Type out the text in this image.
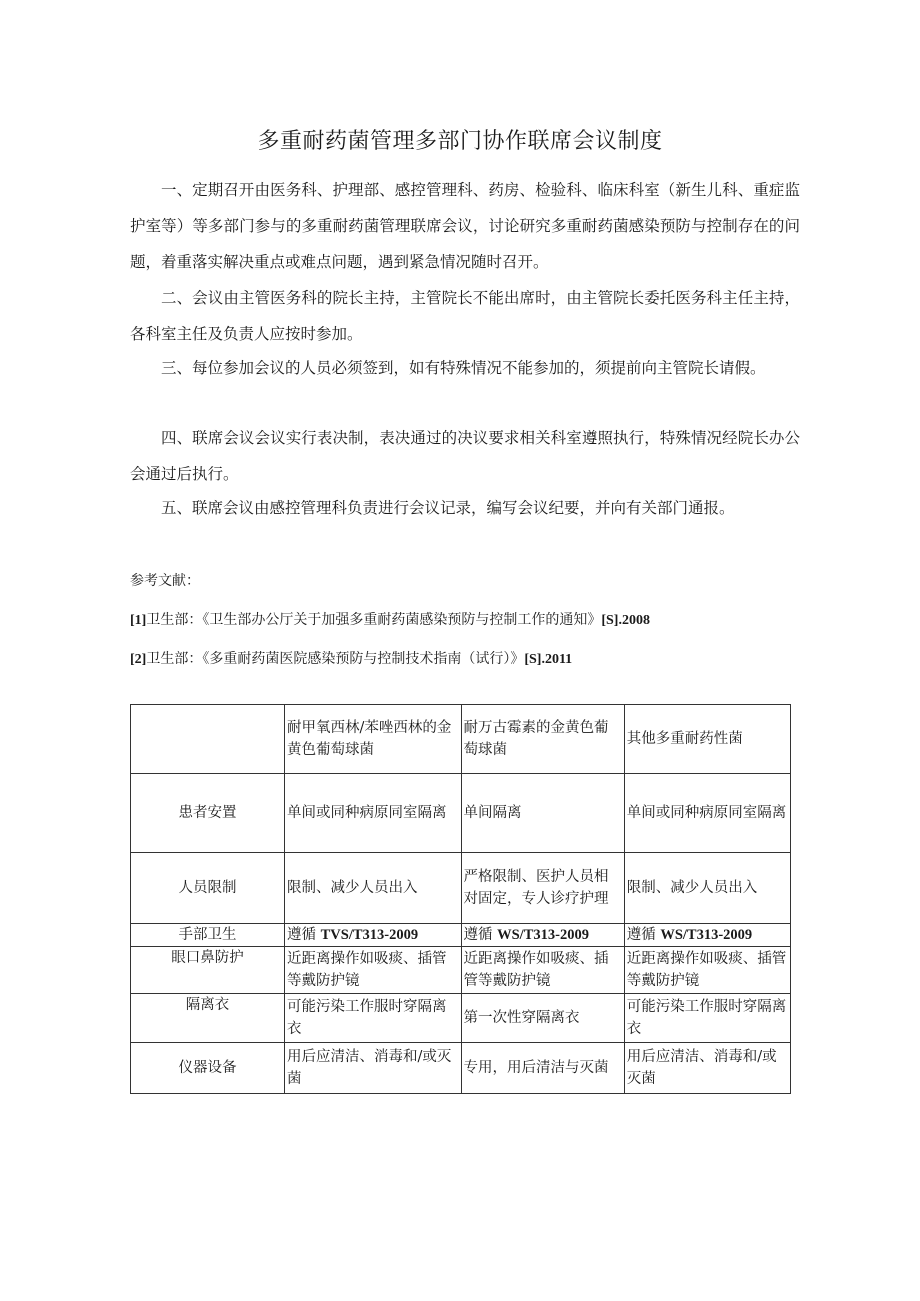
多重耐药菌管理多部门协作联席会议制度
一、定期召开由医务科、护理部、感控管理科、药房、检验科、临床科室（新生儿科、重症监护室等）等多部门参与的多重耐药菌管理联席会议，讨论研究多重耐药菌感染预防与控制存在的问题，着重落实解决重点或难点问题，遇到紧急情况随时召开。
二、会议由主管医务科的院长主持，主管院长不能出席时，由主管院长委托医务科主任主持，各科室主任及负责人应按时参加。
三、每位参加会议的人员必须签到，如有特殊情况不能参加的，须提前向主管院长请假。
四、联席会议会议实行表决制，表决通过的决议要求相关科室遵照执行，特殊情况经院长办公会通过后执行。
五、联席会议由感控管理科负责进行会议记录，编写会议纪要，并向有关部门通报。
参考文献：
[1]卫生部：《卫生部办公厅关于加强多重耐药菌感染预防与控制工作的通知》[S].2008
[2]卫生部：《多重耐药菌医院感染预防与控制技术指南（试行）》[S].2011
	耐甲氧西林/苯唑西林的金黄色葡萄球菌	耐万古霉素的金黄色葡萄球菌	其他多重耐药性菌
患者安置	单间或同种病原同室隔离	单间隔离	单间或同种病原同室隔离
人员限制	限制、减少人员出入	严格限制、医护人员相对固定，专人诊疗护理	限制、减少人员出入
手部卫生	遵循 TVS/T313-2009	遵循 WS/T313-2009	遵循 WS/T313-2009
眼口鼻防护	近距离操作如吸痰、插管等戴防护镜	近距离操作如吸痰、插管等戴防护镜	近距离操作如吸痰、插管等戴防护镜
隔离衣	可能污染工作服时穿隔离衣	第一次性穿隔离衣	可能污染工作服时穿隔离衣
仪器设备	用后应清洁、消毒和/或灭菌	专用，用后清洁与灭菌	用后应清洁、消毒和/或灭菌
